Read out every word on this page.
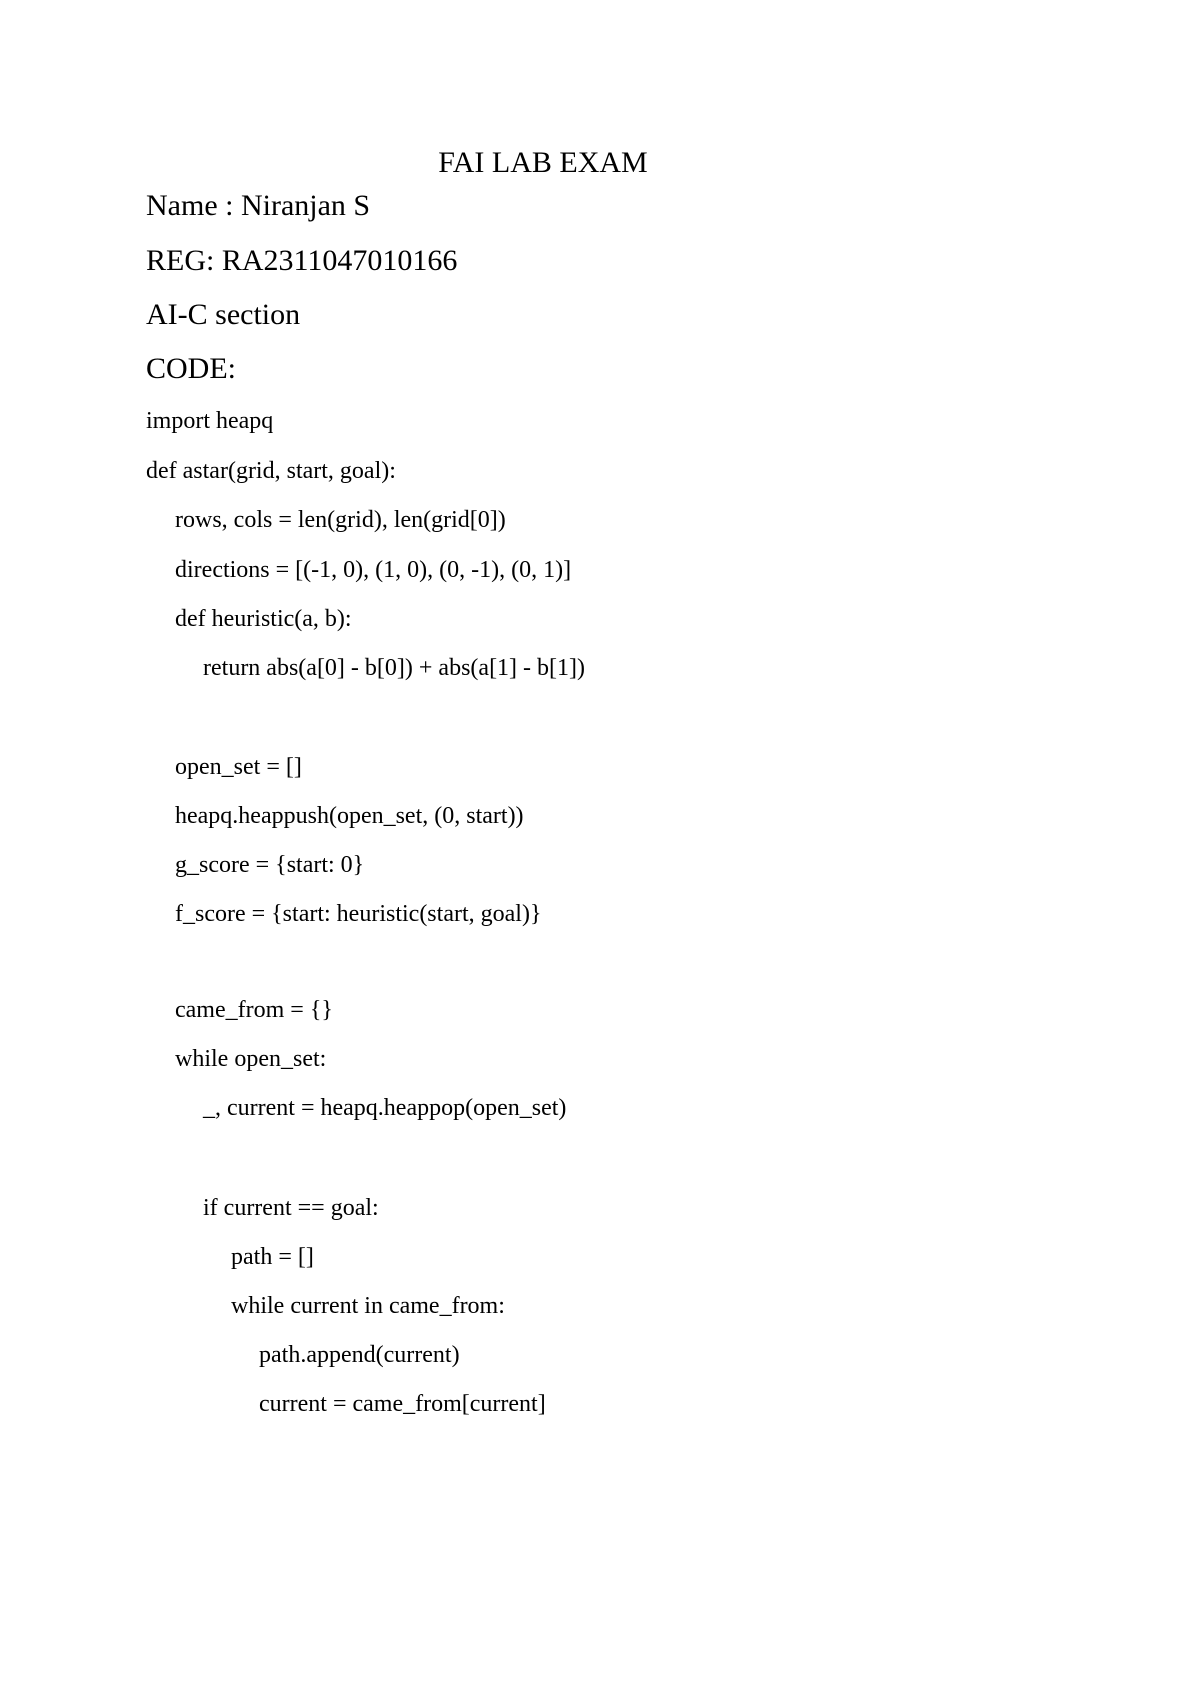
FAI LAB EXAM
Name : Niranjan S
REG: RA2311047010166
AI-C section
CODE:
import heapq
def astar(grid, start, goal):
rows, cols = len(grid), len(grid[0])
directions = [(-1, 0), (1, 0), (0, -1), (0, 1)]
def heuristic(a, b):
return abs(a[0] - b[0]) + abs(a[1] - b[1])
open_set = []
heapq.heappush(open_set, (0, start))
g_score = {start: 0}
f_score = {start: heuristic(start, goal)}
came_from = {}
while open_set:
_, current = heapq.heappop(open_set)
if current == goal:
path = []
while current in came_from:
path.append(current)
current = came_from[current]
